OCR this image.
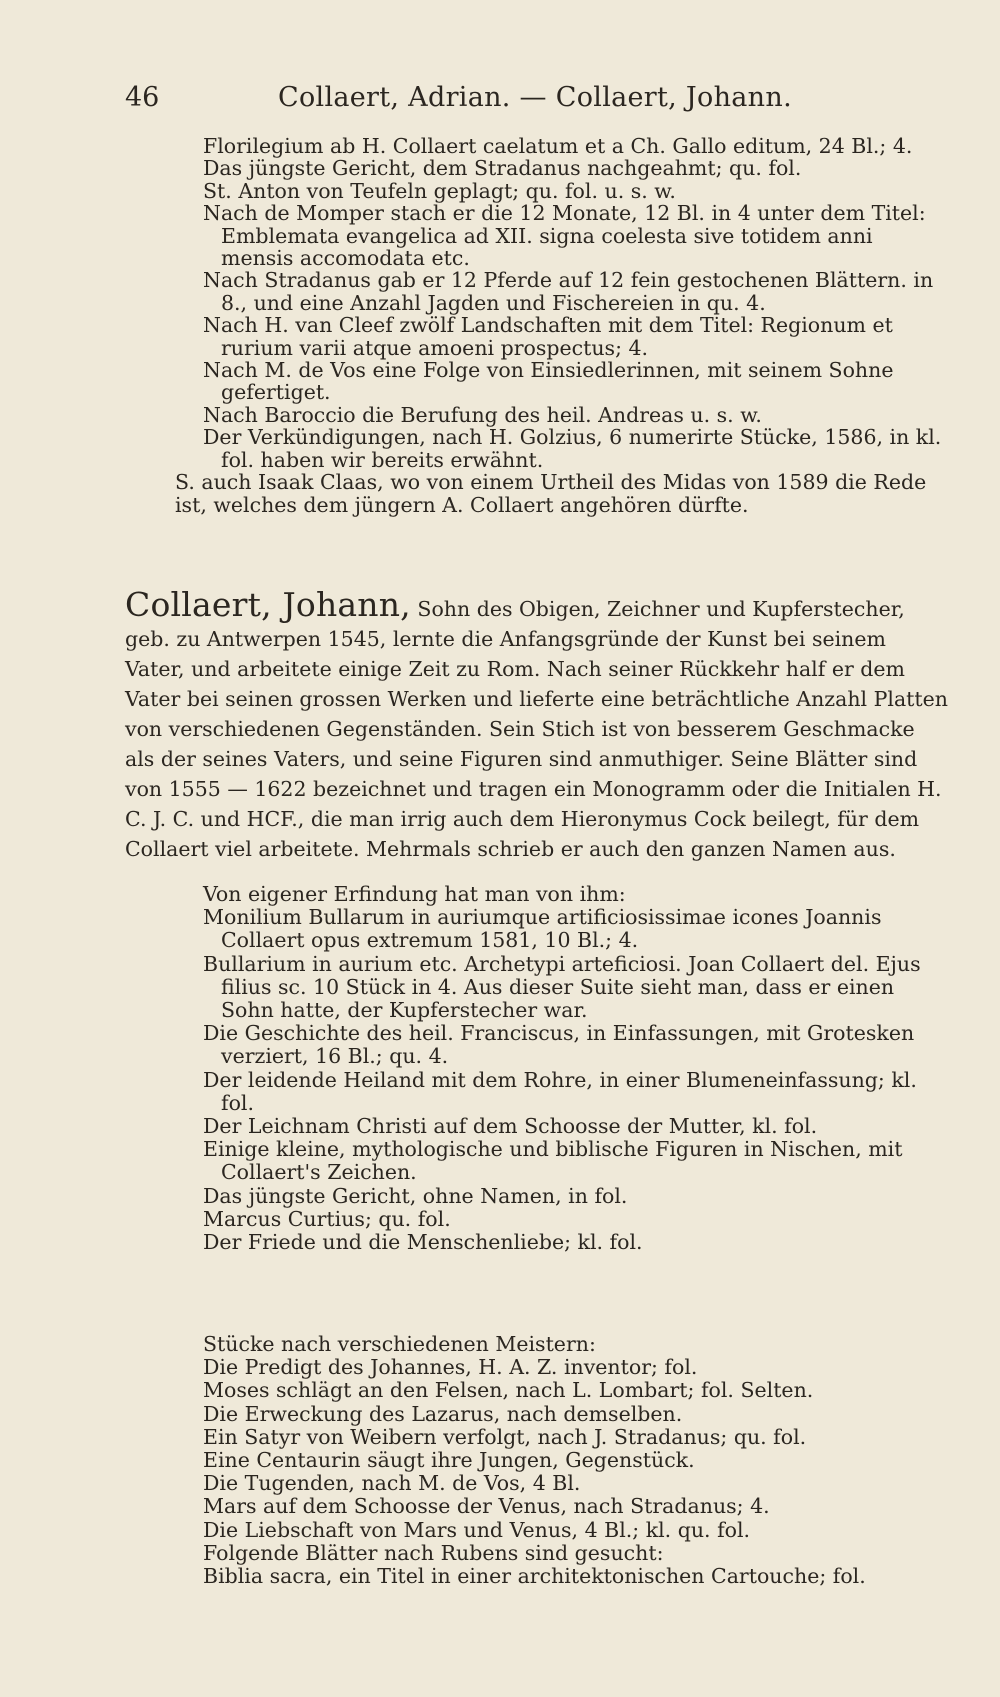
46	Collaert, Adrian. — Collaert, Johann.

Florilegium ab H. Collaert caelatum et a Ch. Gallo editum, 24 Bl.; 4.

Das jüngste Gericht, dem Stradanus nachgeahmt; qu. fol.

St. Anton von Teufeln geplagt; qu. fol. u. s. w.

Nach de Momper stach er die 12 Monate, 12 Bl. in 4 unter dem Titel: Emblemata evangelica ad XII. signa coelesta sive totidem anni mensis accomodata etc.

Nach Stradanus gab er 12 Pferde auf 12 fein gestochenen Blättern. in 8., und eine Anzahl Jagden und Fischereien in qu. 4.

Nach H. van Cleef zwölf Landschaften mit dem Titel: Regionum et rurium varii atque amoeni prospectus; 4.

Nach M. de Vos eine Folge von Einsiedlerinnen, mit seinem Sohne gefertiget.

Nach Baroccio die Berufung des heil. Andreas u. s. w.

Der Verkündigungen, nach H. Golzius, 6 numerirte Stücke, 1586, in kl. fol. haben wir bereits erwähnt.

S. auch Isaak Claas, wo von einem Urtheil des Midas von 1589 die Rede ist, welches dem jüngern A. Collaert angehören dürfte.

Collaert, Johann, Sohn des Obigen, Zeichner und Kupferstecher, geb. zu Antwerpen 1545, lernte die Anfangsgründe der Kunst bei seinem Vater, und arbeitete einige Zeit zu Rom. Nach seiner Rückkehr half er dem Vater bei seinen grossen Werken und lieferte eine beträchtliche Anzahl Platten von verschiedenen Gegenständen. Sein Stich ist von besserem Geschmacke als der seines Vaters, und seine Figuren sind anmuthiger. Seine Blätter sind von 1555 — 1622 bezeichnet und tragen ein Monogramm oder die Initialen H. C. J. C. und HCF., die man irrig auch dem Hieronymus Cock beilegt, für dem Collaert viel arbeitete. Mehrmals schrieb er auch den ganzen Namen aus.

Von eigener Erfindung hat man von ihm:

Monilium Bullarum in auriumque artificiosissimae icones Joannis Collaert opus extremum 1581, 10 Bl.; 4.

Bullarium in aurium etc. Archetypi arteficiosi. Joan Collaert del. Ejus filius sc. 10 Stück in 4. Aus dieser Suite sieht man, dass er einen Sohn hatte, der Kupferstecher war.

Die Geschichte des heil. Franciscus, in Einfassungen, mit Grotesken verziert, 16 Bl.; qu. 4.

Der leidende Heiland mit dem Rohre, in einer Blumeneinfassung; kl. fol.

Der Leichnam Christi auf dem Schoosse der Mutter, kl. fol.

Einige kleine, mythologische und biblische Figuren in Nischen, mit Collaert's Zeichen.

Das jüngste Gericht, ohne Namen, in fol.

Marcus Curtius; qu. fol.

Der Friede und die Menschenliebe; kl. fol.

Stücke nach verschiedenen Meistern:

Die Predigt des Johannes, H. A. Z. inventor; fol.

Moses schlägt an den Felsen, nach L. Lombart; fol. Selten.

Die Erweckung des Lazarus, nach demselben.

Ein Satyr von Weibern verfolgt, nach J. Stradanus; qu. fol.

Eine Centaurin säugt ihre Jungen, Gegenstück.

Die Tugenden, nach M. de Vos, 4 Bl.

Mars auf dem Schoosse der Venus, nach Stradanus; 4.

Die Liebschaft von Mars und Venus, 4 Bl.; kl. qu. fol.

Folgende Blätter nach Rubens sind gesucht:

Biblia sacra, ein Titel in einer architektonischen Cartouche; fol.
